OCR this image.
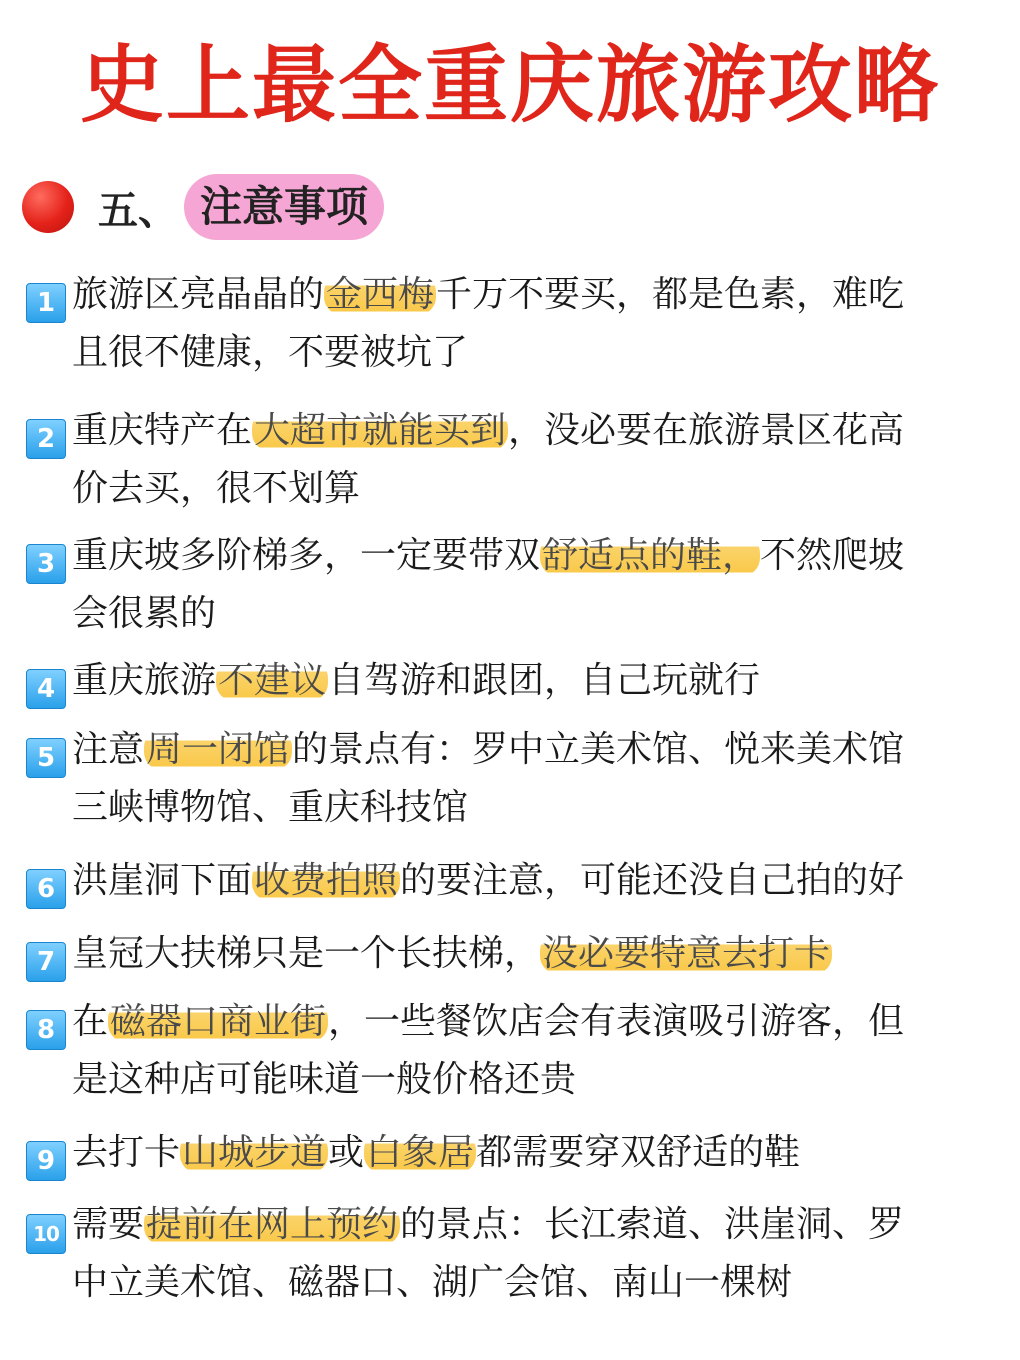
史上最全重庆旅游攻略
五、 注意事项
1 旅游区亮晶晶的金西梅千万不要买，都是色素，难吃
且很不健康，不要被坑了
2 重庆特产在大超市就能买到，没必要在旅游景区花高
价去买，很不划算
3 重庆坡多阶梯多，一定要带双舒适点的鞋，不然爬坡
会很累的
4 重庆旅游不建议自驾游和跟团，自己玩就行
5 注意周一闭馆的景点有：罗中立美术馆、悦来美术馆
三峡博物馆、重庆科技馆
6 洪崖洞下面收费拍照的要注意，可能还没自己拍的好
7 皇冠大扶梯只是一个长扶梯，没必要特意去打卡
8 在磁器口商业街，一些餐饮店会有表演吸引游客，但
是这种店可能味道一般价格还贵
9 去打卡山城步道或白象居都需要穿双舒适的鞋
10 需要提前在网上预约的景点：长江索道、洪崖洞、罗
中立美术馆、磁器口、湖广会馆、南山一棵树
